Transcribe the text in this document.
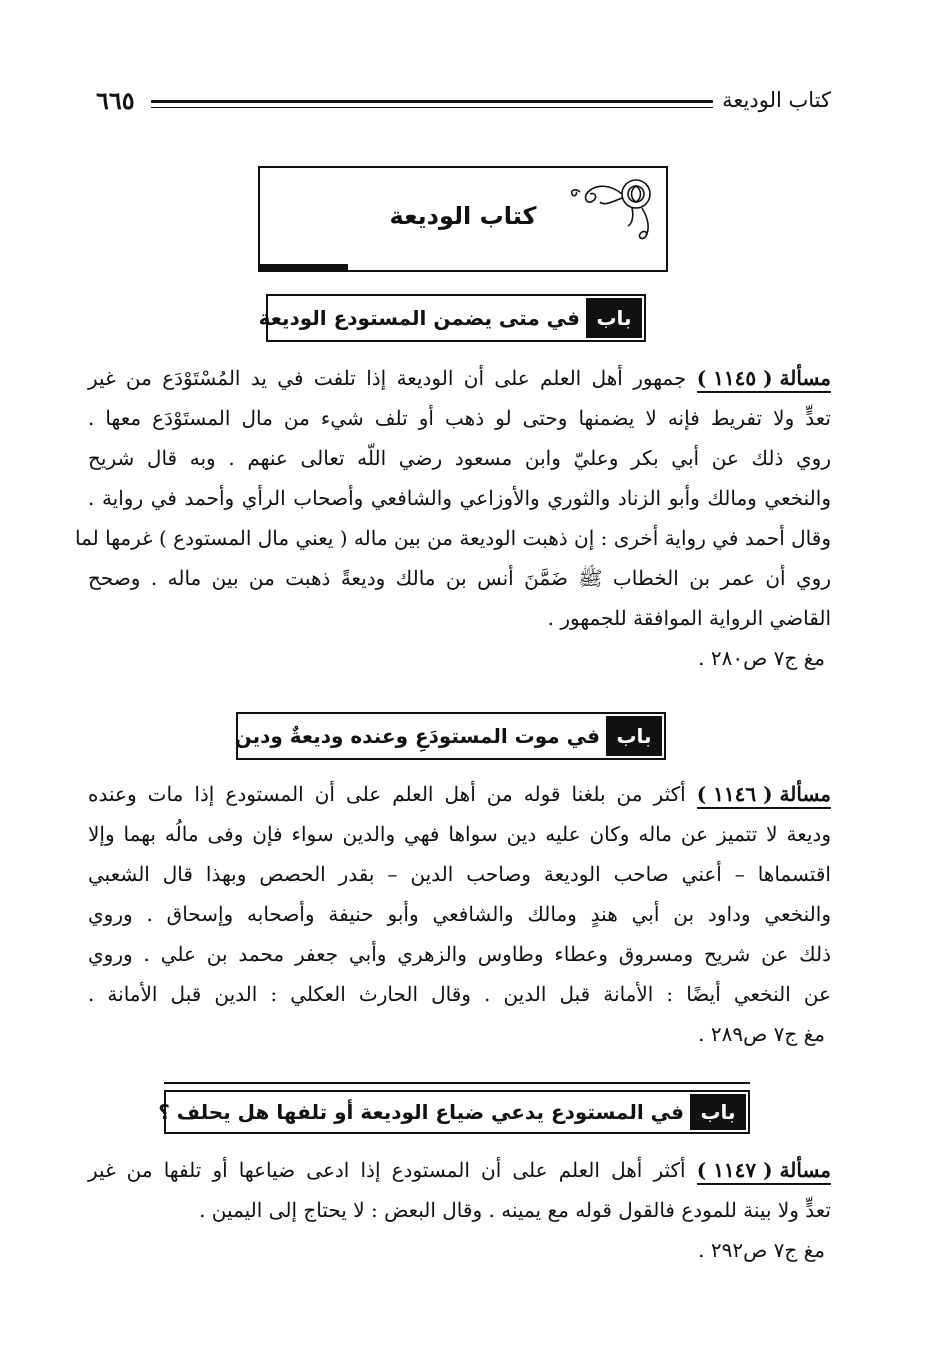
كتاب الوديعة
٦٦٥
كتاب الوديعة
باب
في متى يضمن المستودع الوديعة
مسألة ( ١١٤٥ ) جمهور أهل العلم على أن الوديعة إذا تلفت في يد المُسْتَوْدَع من غير
تعدٍّ ولا تفريط فإنه لا يضمنها وحتى لو ذهب أو تلف شيء من مال المستَوْدَع معها .
روي ذلك عن أبي بكر وعليّ وابن مسعود رضي اللّه تعالى عنهم . وبه قال شريح
والنخعي ومالك وأبو الزناد والثوري والأوزاعي والشافعي وأصحاب الرأي وأحمد في رواية .
وقال أحمد في رواية أخرى : إن ذهبت الوديعة من بين ماله ( يعني مال المستودع ) غرمها لما
روي أن عمر بن الخطاب ﷺ ضَمَّنَ أنس بن مالك وديعةً ذهبت من بين ماله . وصحح
القاضي الرواية الموافقة للجمهور .
مغ ج٧ ص٢٨٠ .
باب
في موت المستودَعِ وعنده وديعةٌ ودين
مسألة ( ١١٤٦ ) أكثر من بلغنا قوله من أهل العلم على أن المستودع إذا مات وعنده
وديعة لا تتميز عن ماله وكان عليه دين سواها فهي والدين سواء فإن وفى مالُه بهما وإلا
اقتسماها – أعني صاحب الوديعة وصاحب الدين – بقدر الحصص وبهذا قال الشعبي
والنخعي وداود بن أبي هندٍ ومالك والشافعي وأبو حنيفة وأصحابه وإسحاق . وروي
ذلك عن شريح ومسروق وعطاء وطاوس والزهري وأبي جعفر محمد بن علي . وروي
عن النخعي أيضًا : الأمانة قبل الدين . وقال الحارث العكلي : الدين قبل الأمانة .
مغ ج٧ ص٢٨٩ .
باب
في المستودع يدعي ضياع الوديعة أو تلفها هل يحلف ؟
مسألة ( ١١٤٧ ) أكثر أهل العلم على أن المستودع إذا ادعى ضياعها أو تلفها من غير
تعدٍّ ولا بينة للمودع فالقول قوله مع يمينه . وقال البعض : لا يحتاج إلى اليمين .
مغ ج٧ ص٢٩٢ .
